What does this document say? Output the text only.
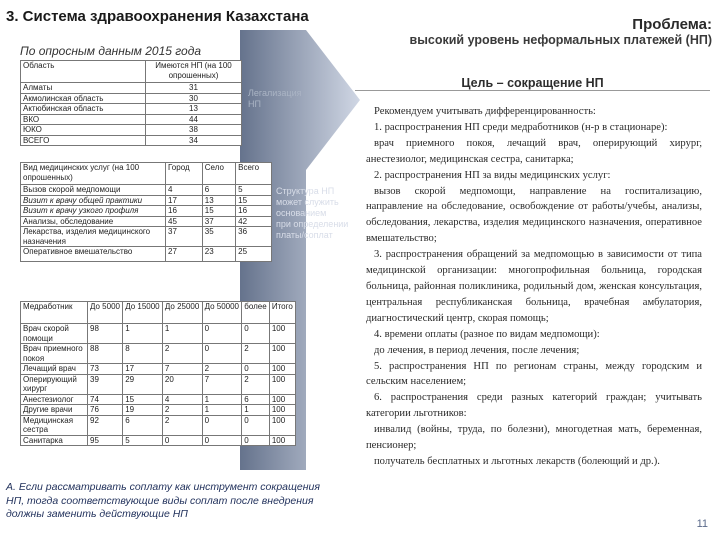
3. Система здравоохранения Казахстана	Проблема:
высокий уровень неформальных платежей (НП)
По опросным данным 2015 года
Легализация
НП
Структура НП
может служить
основанием
при определении
платы/соплат
Область	Имеются НП (на 100 опрошенных)
Алматы	31
Акмолинская область	30
Актюбинская область	13
ВКО	44
ЮКО	38
ВСЕГО	34
Вид медицинских услуг (на 100 опрошенных)	Город	Село	Всего
Вызов скорой медпомощи	4	6	5
Визит к врачу общей практики	17	13	15
Визит к врачу узкого профиля	16	15	16
Анализы, обследование	45	37	42
Лекарства, изделия медицинского назначения	37	35	36
Оперативное вмешательство	27	23	25
Медработник	До 5000	До 15000	До 25000	До 50000	более	Итого
Врач скорой помощи	98	1	1	0	0	100
Врач приемного покоя	88	8	2	0	2	100
Лечащий врач	73	17	7	2	0	100
Оперирующий хирург	39	29	20	7	2	100
Анестезиолог	74	15	4	1	6	100
Другие врачи	76	19	2	1	1	100
Медицинская сестра	92	6	2	0	0	100
Санитарка	95	5	0	0	0	100
Цель – сокращение НП

Рекомендуем учитывать дифференцированность:

1. распространения НП среди медработников (н-р в стационаре):

врач приемного покоя, лечащий врач, оперирующий хирург, анестезиолог, медицинская сестра, санитарка;

2. распространения НП за виды медицинских услуг:

вызов скорой медпомощи, направление на госпитализацию, направление на обследование, освобождение от работы/учебы, анализы, обследования, лекарства, изделия медицинского назначения, оперативное вмешательство;

3. распространения обращений за медпомощью в зависимости от типа медицинской организации: многопрофильная больница, городская больница, районная поликлиника, родильный дом, женская консультация, центральная республиканская больница, врачебная амбулатория, диагностический центр, скорая помощь;

4. времени оплаты (разное по видам медпомощи):

до лечения, в период лечения, после лечения;

5. распространения НП по регионам страны, между городским и сельским населением;

6. распространения среди разных категорий граждан; учитывать категории льготников:

инвалид (войны, труда, по болезни), многодетная мать, беременная, пенсионер;

получатель бесплатных и льготных лекарств (болеющий и др.).

А. Если рассматривать соплату как инструмент сокращения НП, тогда соответствующие виды соплат после внедрения должны заменить действующие НП
11
